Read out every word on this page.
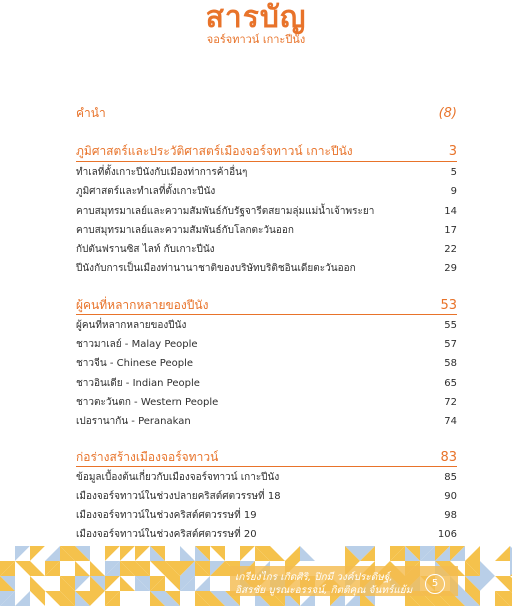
สารบัญ
จอร์จทาวน์ เกาะปีนัง
คำนำ	(8)
ภูมิศาสตร์และประวัติศาสตร์เมืองจอร์จทาวน์ เกาะปีนัง	3
ทำเลที่ตั้งเกาะปีนังกับเมืองท่าการค้าอื่นๆ	5
ภูมิศาสตร์และทำเลที่ตั้งเกาะปีนัง	9
คาบสมุทรมาเลย์และความสัมพันธ์กับรัฐจารีตสยามลุ่มแม่น้ำเจ้าพระยา	14
คาบสมุทรมาเลย์และความสัมพันธ์กับโลกตะวันออก	17
กัปตันฟรานซิส ไลท์ กับเกาะปีนัง	22
ปีนังกับการเป็นเมืองท่านานาชาติของบริษัทบริติชอินเดียตะวันออก	29
ผู้คนที่หลากหลายของปีนัง	53
ผู้คนที่หลากหลายของปีนัง	55
ชาวมาเลย์ - Malay People	57
ชาวจีน - Chinese People	58
ชาวอินเดีย - Indian People	65
ชาวตะวันตก - Western People	72
เปอรานากัน - Peranakan	74
ก่อร่างสร้างเมืองจอร์จทาวน์	83
ข้อมูลเบื้องต้นเกี่ยวกับเมืองจอร์จทาวน์ เกาะปีนัง	85
เมืองจอร์จทาวน์ในช่วงปลายคริสต์ศตวรรษที่ 18	90
เมืองจอร์จทาวน์ในช่วงคริสต์ศตวรรษที่ 19	98
เมืองจอร์จทาวน์ในช่วงคริสต์ศตวรรษที่ 20	106
เกรียงไกร เกิดศิริ, ปิกมี วงค์ประดิษฐ์,
อิสรชัย บูรณะอรรจน์, กิตติคุณ จันทร์แย้ม
5
